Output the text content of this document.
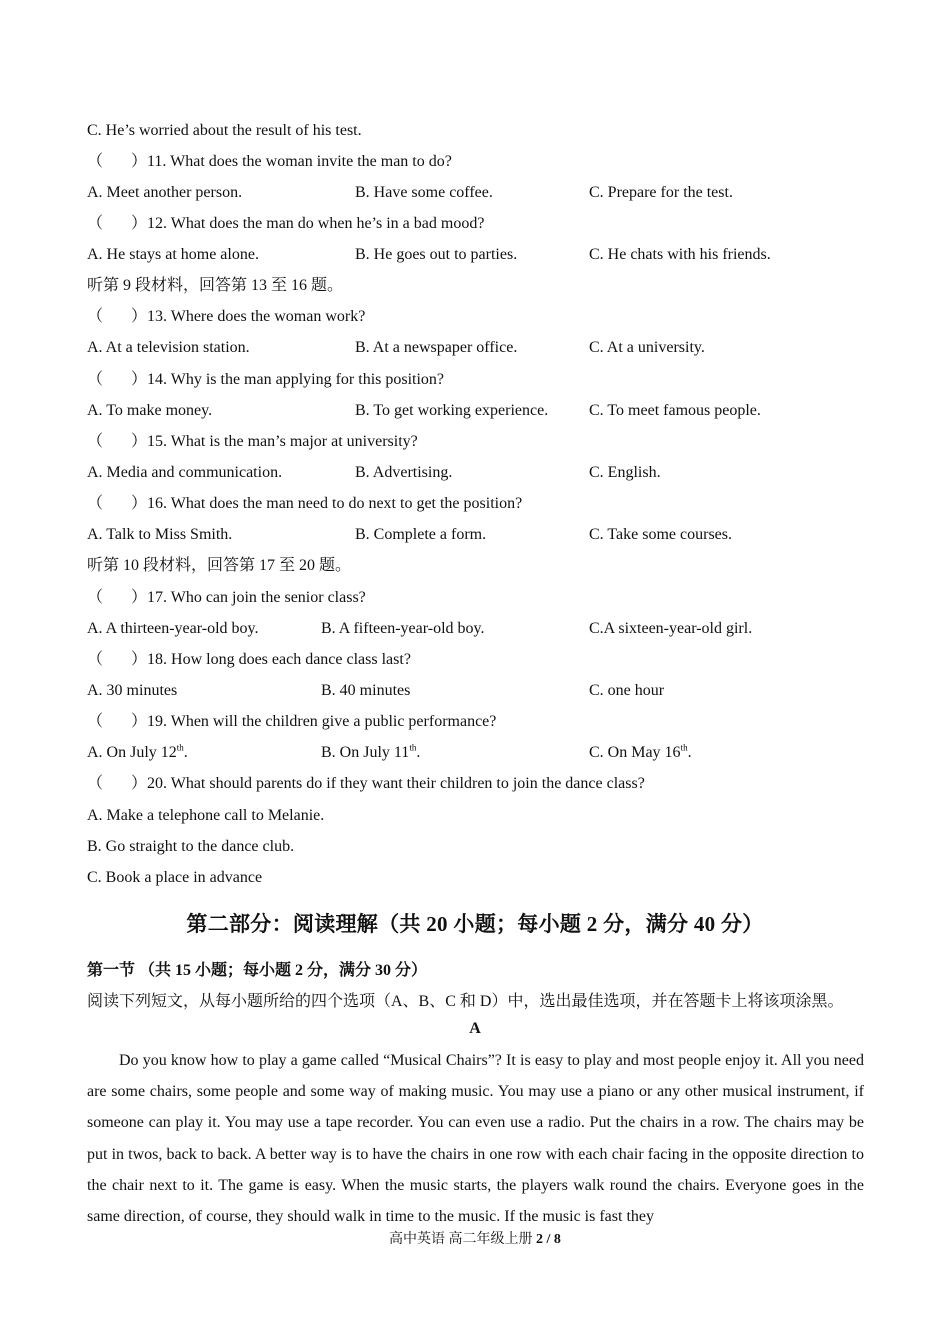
C. He’s worried about the result of his test.
（ ）11. What does the woman invite the man to do?
A. Meet another person.	B. Have some coffee.	C. Prepare for the test.
（ ）12. What does the man do when he’s in a bad mood?
A. He stays at home alone.	B. He goes out to parties.	C. He chats with his friends.
听第 9 段材料，回答第 13 至 16 题。
（ ）13. Where does the woman work?
A. At a television station.	B. At a newspaper office.	C. At a university.
（ ）14. Why is the man applying for this position?
A. To make money.	B. To get working experience.	C. To meet famous people.
（ ）15. What is the man’s major at university?
A. Media and communication.	B. Advertising.	C. English.
（ ）16. What does the man need to do next to get the position?
A. Talk to Miss Smith.	B. Complete a form.	C. Take some courses.
听第 10 段材料，回答第 17 至 20 题。
（ ）17. Who can join the senior class?
A. A thirteen-year-old boy.	B. A fifteen-year-old boy.	C.A sixteen-year-old girl.
（ ）18. How long does each dance class last?
A. 30 minutes	B. 40 minutes	C. one hour
（ ）19. When will the children give a public performance?
A. On July 12th.	B. On July 11th.	C. On May 16th.
（ ）20. What should parents do if they want their children to join the dance class?
A. Make a telephone call to Melanie.
B. Go straight to the dance club.
C. Book a place in advance
第二部分：阅读理解（共 20 小题；每小题 2 分，满分 40 分）
第一节 （共 15 小题；每小题 2 分，满分 30 分）
阅读下列短文，从每小题所给的四个选项（A、B、C 和 D）中，选出最佳选项，并在答题卡上将该项涂黑。
A

Do you know how to play a game called “Musical Chairs”? It is easy to play and most people enjoy it. All you need are some chairs, some people and some way of making music. You may use a piano or any other musical instrument, if someone can play it. You may use a tape recorder. You can even use a radio. Put the chairs in a row. The chairs may be put in twos, back to back. A better way is to have the chairs in one row with each chair facing in the opposite direction to the chair next to it. The game is easy. When the music starts, the players walk round the chairs. Everyone goes in the same direction, of course, they should walk in time to the music. If the music is fast they

高中英语 高二年级上册 2 / 8
